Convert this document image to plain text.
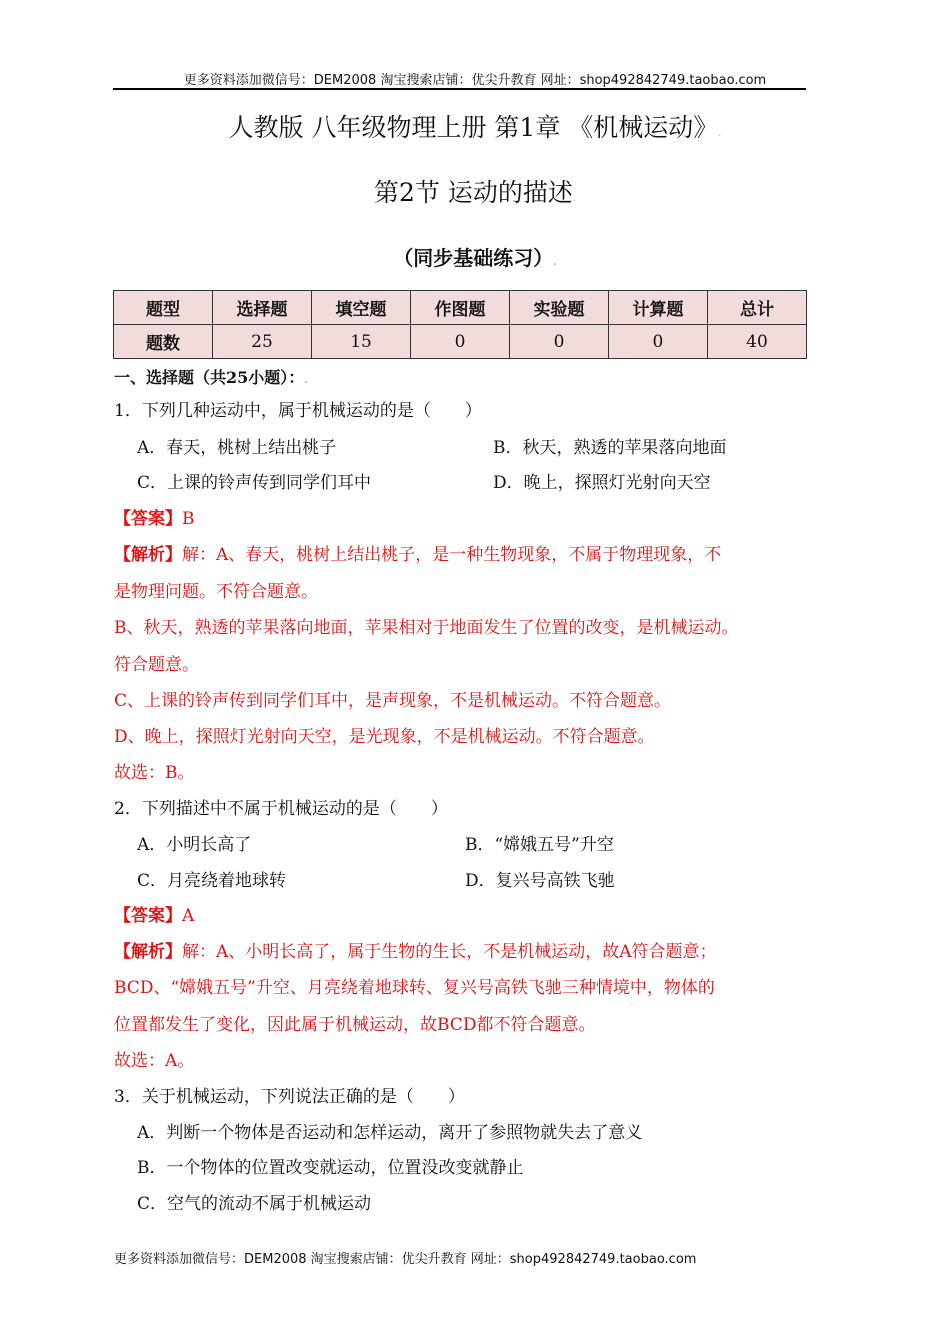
更多资料添加微信号：DEM2008 淘宝搜索店铺：优尖升教育 网址：shop492842749.taobao.com
人教版 八年级物理上册 第1章 《机械运动》.
第2节 运动的描述.
（同步基础练习）.
题型	选择题	填空题	作图题	实验题	计算题	总计
题数	25	15	0	0	0	40
一、选择题（共25小题）：.
1．下列几种运动中，属于机械运动的是（　　）
A．春天，桃树上结出桃子	B．秋天，熟透的苹果落向地面
C．上课的铃声传到同学们耳中	D．晚上，探照灯光射向天空
【答案】B
【解析】解：A、春天，桃树上结出桃子，是一种生物现象，不属于物理现象，不
是物理问题。不符合题意。
B、秋天，熟透的苹果落向地面，苹果相对于地面发生了位置的改变，是机械运动。
符合题意。
C、上课的铃声传到同学们耳中，是声现象，不是机械运动。不符合题意。
D、晚上，探照灯光射向天空，是光现象，不是机械运动。不符合题意。
故选：B。
2．下列描述中不属于机械运动的是（　　）
A．小明长高了	B．“嫦娥五号”升空
C．月亮绕着地球转	D．复兴号高铁飞驰
【答案】A
【解析】解：A、小明长高了，属于生物的生长，不是机械运动，故A符合题意；
BCD、“嫦娥五号”升空、月亮绕着地球转、复兴号高铁飞驰三种情境中，物体的
位置都发生了变化，因此属于机械运动，故BCD都不符合题意。
故选：A。
3．关于机械运动，下列说法正确的是（　　）
A．判断一个物体是否运动和怎样运动，离开了参照物就失去了意义
B．一个物体的位置改变就运动，位置没改变就静止
C．空气的流动不属于机械运动
更多资料添加微信号：DEM2008 淘宝搜索店铺：优尖升教育 网址：shop492842749.taobao.com
